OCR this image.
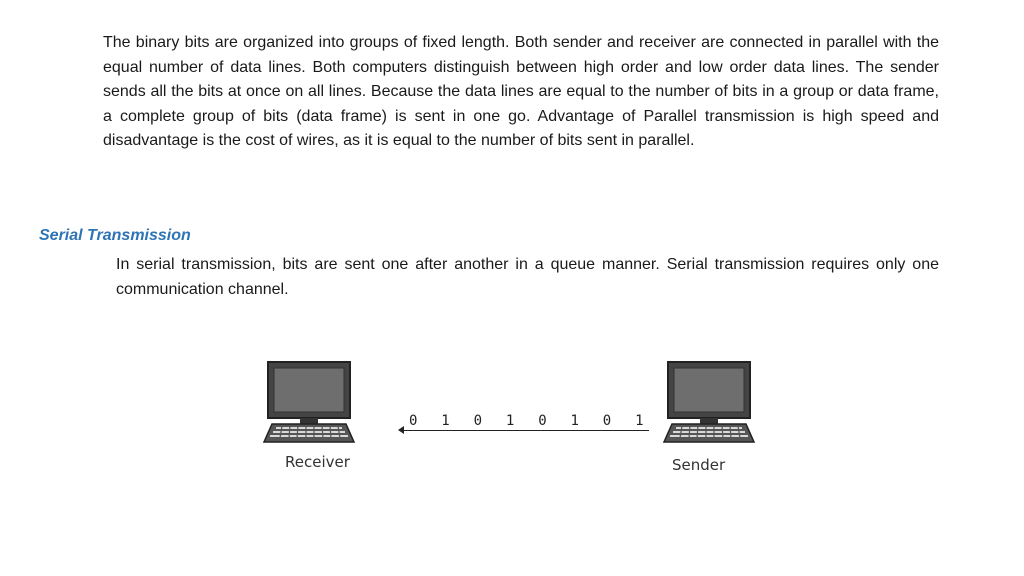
The binary bits are organized into groups of fixed length. Both sender and receiver are connected in parallel with the equal number of data lines. Both computers distinguish between high order and low order data lines. The sender sends all the bits at once on all lines. Because the data lines are equal to the number of bits in a group or data frame, a complete group of bits (data frame) is sent in one go. Advantage of Parallel transmission is high speed and disadvantage is the cost of wires, as it is equal to the number of bits sent in parallel.

Serial Transmission

In serial transmission, bits are sent one after another in a queue manner. Serial transmission requires only one communication channel.

Receiver
0	1	0	1	0	1	0	1
Sender
